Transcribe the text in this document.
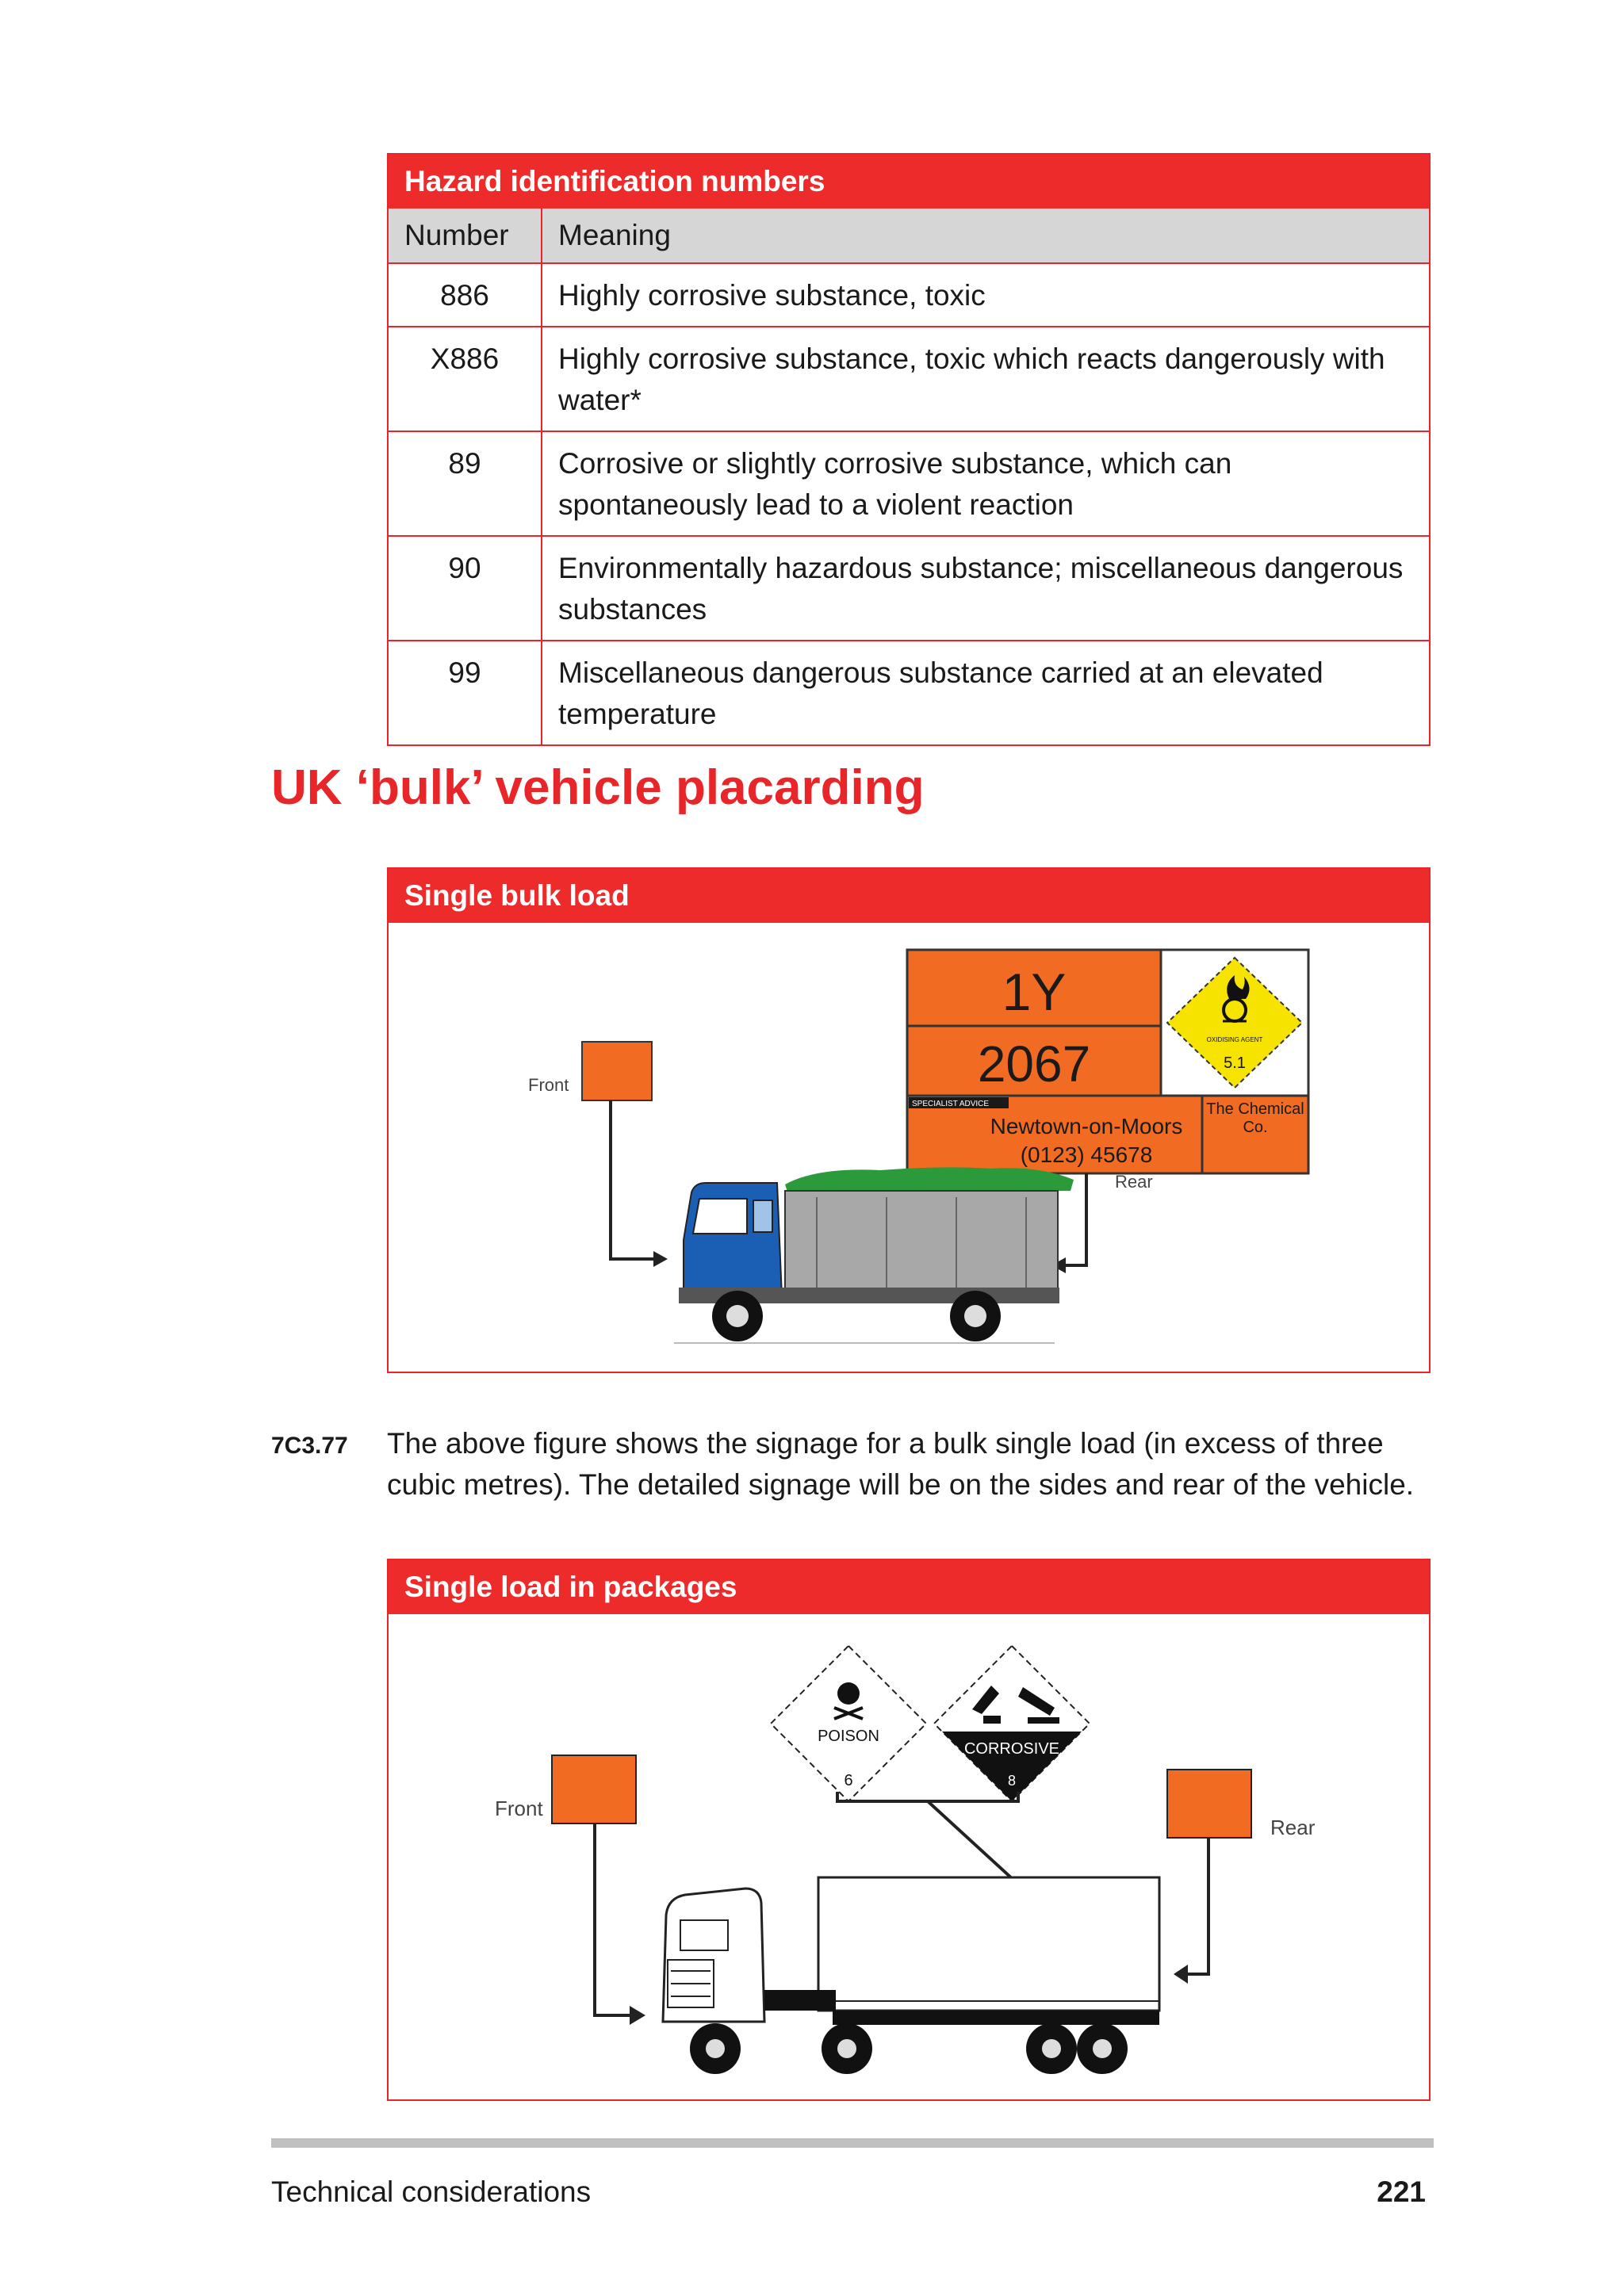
Hazard identification numbers
Number	Meaning
886	Highly corrosive substance, toxic
X886	Highly corrosive substance, toxic which reacts dangerously with water*
89	Corrosive or slightly corrosive substance, which can spontaneously lead to a violent reaction
90	Environmentally hazardous substance; miscellaneous dangerous substances
99	Miscellaneous dangerous substance carried at an elevated temperature
UK ‘bulk’ vehicle placarding
Single bulk load
Front
1Y
2067	OXIDISING AGENT
5.1
SPECIALIST ADVICE
Newtown-on-Moors
(0123) 45678
The Chemical Co.
Rear
7C3.77 The above figure shows the signage for a bulk single load (in excess of three cubic metres). The detailed signage will be on the sides and rear of the vehicle.
Single load in packages
POISON
6
CORROSIVE
8
Front
Rear
Technical considerations	221
